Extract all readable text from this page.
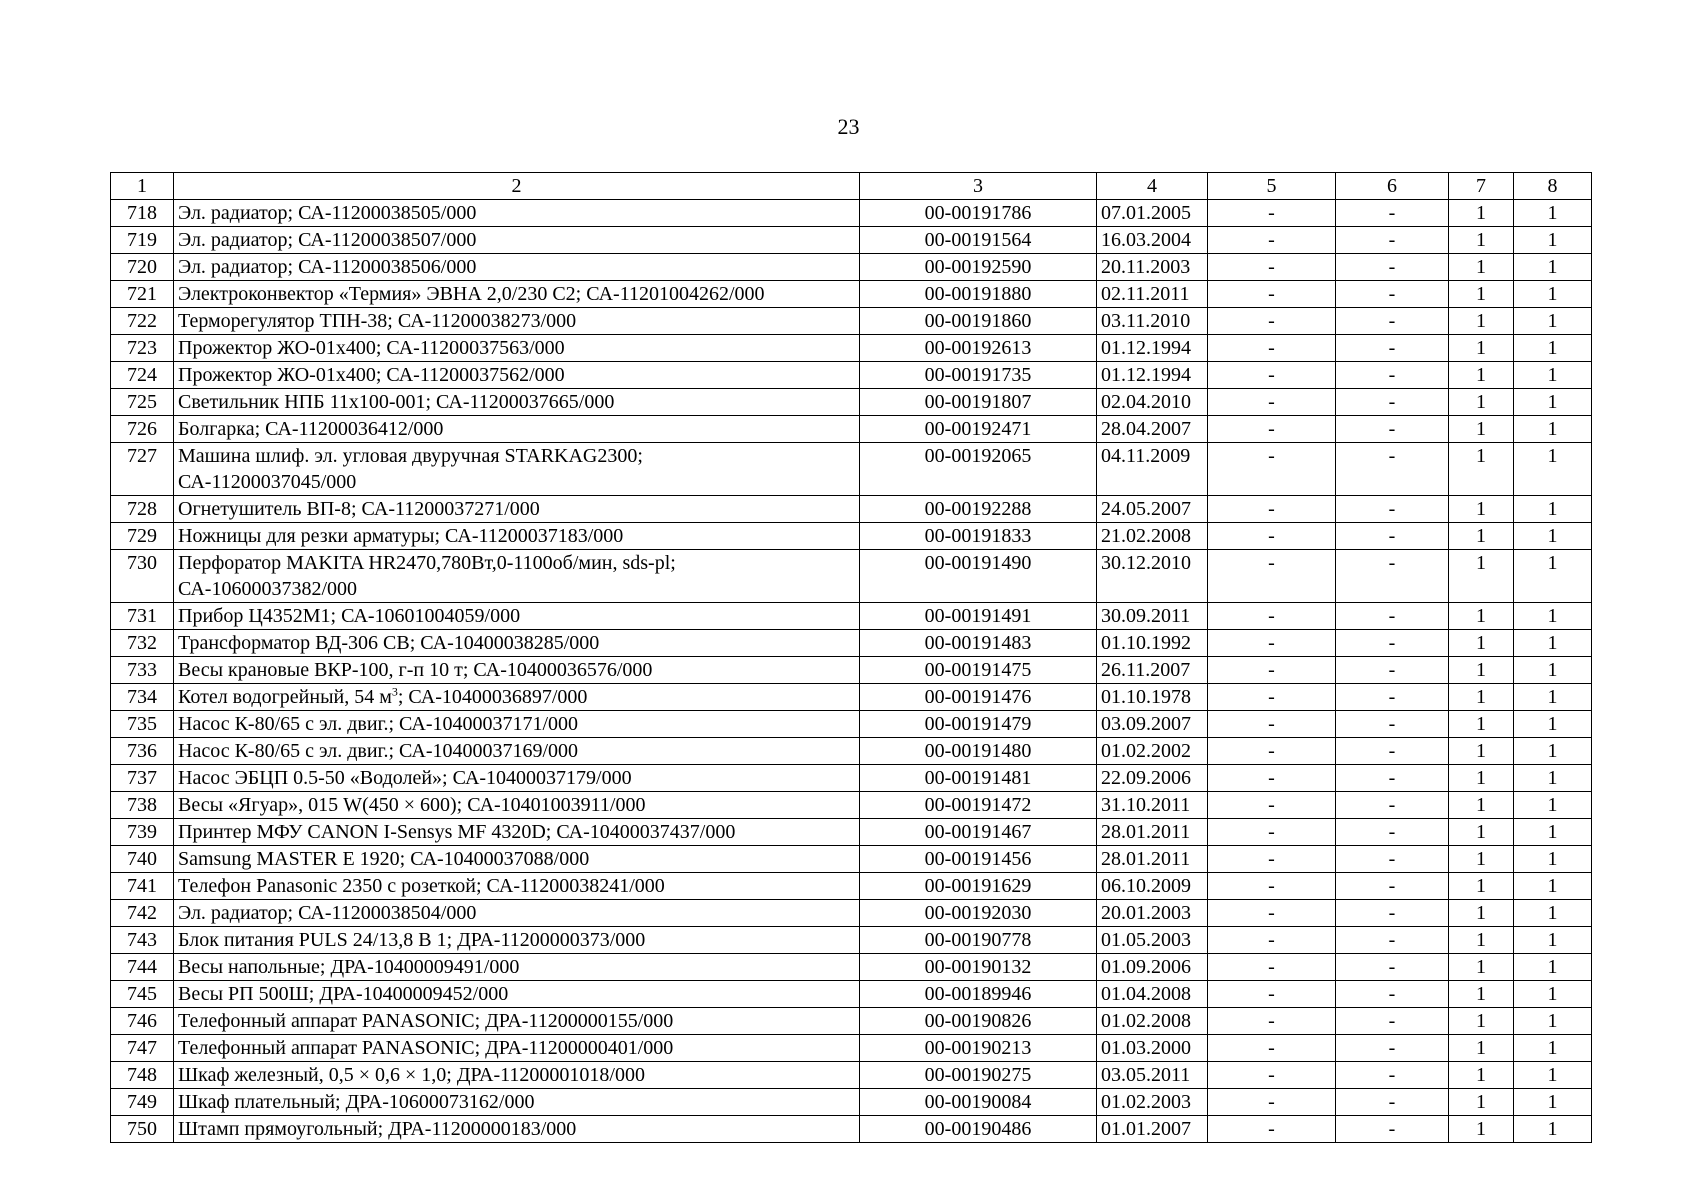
23
1	2	3	4	5	6	7	8
718	Эл. радиатор; СА-11200038505/000	00-00191786	07.01.2005	-	-	1	1
719	Эл. радиатор; СА-11200038507/000	00-00191564	16.03.2004	-	-	1	1
720	Эл. радиатор; СА-11200038506/000	00-00192590	20.11.2003	-	-	1	1
721	Электроконвектор «Термия» ЭВНА 2,0/230 С2; СА-11201004262/000	00-00191880	02.11.2011	-	-	1	1
722	Терморегулятор ТПН-38; СА-11200038273/000	00-00191860	03.11.2010	-	-	1	1
723	Прожектор ЖО-01х400; СА-11200037563/000	00-00192613	01.12.1994	-	-	1	1
724	Прожектор ЖО-01х400; СА-11200037562/000	00-00191735	01.12.1994	-	-	1	1
725	Светильник НПБ 11х100-001; СА-11200037665/000	00-00191807	02.04.2010	-	-	1	1
726	Болгарка; СА-11200036412/000	00-00192471	28.04.2007	-	-	1	1
727	Машина шлиф. эл. угловая двуручная STARKAG2300;
СА-11200037045/000	00-00192065	04.11.2009	-	-	1	1
728	Огнетушитель ВП-8; СА-11200037271/000	00-00192288	24.05.2007	-	-	1	1
729	Ножницы для резки арматуры; СА-11200037183/000	00-00191833	21.02.2008	-	-	1	1
730	Перфоратор MAKITA HR2470,780Вт,0-1100об/мин, sds-pl;
СА-10600037382/000	00-00191490	30.12.2010	-	-	1	1
731	Прибор Ц4352М1; СА-10601004059/000	00-00191491	30.09.2011	-	-	1	1
732	Трансформатор ВД-306 СВ; СА-10400038285/000	00-00191483	01.10.1992	-	-	1	1
733	Весы крановые ВКР-100, г-п 10 т; СА-10400036576/000	00-00191475	26.11.2007	-	-	1	1
734	Котел водогрейный, 54 $м^3$; СА-10400036897/000	00-00191476	01.10.1978	-	-	1	1
735	Насос К-80/65 с эл. двиг.; СА-10400037171/000	00-00191479	03.09.2007	-	-	1	1
736	Насос К-80/65 с эл. двиг.; СА-10400037169/000	00-00191480	01.02.2002	-	-	1	1
737	Насос ЭБЦП 0.5-50 «Водолей»; СА-10400037179/000	00-00191481	22.09.2006	-	-	1	1
738	Весы «Ягуар», 015 W(450 × 600); СА-10401003911/000	00-00191472	31.10.2011	-	-	1	1
739	Принтер МФУ CANON I-Sensys MF 4320D; СА-10400037437/000	00-00191467	28.01.2011	-	-	1	1
740	Samsung MASTER E 1920; СА-10400037088/000	00-00191456	28.01.2011	-	-	1	1
741	Телефон Panasonic 2350 с розеткой; СА-11200038241/000	00-00191629	06.10.2009	-	-	1	1
742	Эл. радиатор; СА-11200038504/000	00-00192030	20.01.2003	-	-	1	1
743	Блок питания PULS 24/13,8 В 1; ДРА-11200000373/000	00-00190778	01.05.2003	-	-	1	1
744	Весы напольные; ДРА-10400009491/000	00-00190132	01.09.2006	-	-	1	1
745	Весы РП 500Ш; ДРА-10400009452/000	00-00189946	01.04.2008	-	-	1	1
746	Телефонный аппарат PANASONIC; ДРА-11200000155/000	00-00190826	01.02.2008	-	-	1	1
747	Телефонный аппарат PANASONIC; ДРА-11200000401/000	00-00190213	01.03.2000	-	-	1	1
748	Шкаф железный, 0,5 × 0,6 × 1,0; ДРА-11200001018/000	00-00190275	03.05.2011	-	-	1	1
749	Шкаф плательный; ДРА-10600073162/000	00-00190084	01.02.2003	-	-	1	1
750	Штамп прямоугольный; ДРА-11200000183/000	00-00190486	01.01.2007	-	-	1	1
